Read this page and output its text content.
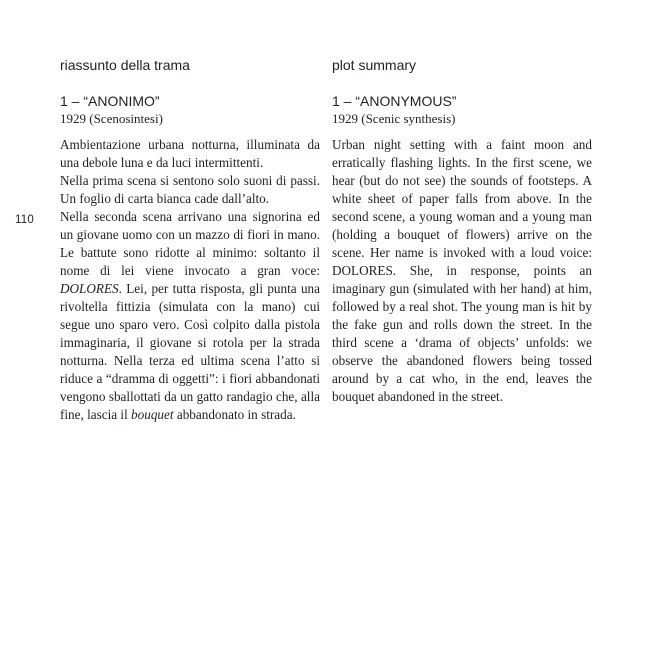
110
riassunto della trama
1 – “ANONIMO”
1929 (Scenosintesi)

Ambientazione urbana notturna, illuminata da una debole luna e da luci intermittenti.

Nella prima scena si sentono solo suoni di passi. Un foglio di carta bianca cade dall’alto.

Nella seconda scena arrivano una signorina ed un giovane uomo con un mazzo di fiori in mano. Le battute sono ridotte al minimo: soltanto il nome di lei viene invocato a gran voce: DOLORES. Lei, per tutta risposta, gli punta una rivoltella fittizia (simulata con la mano) cui segue uno sparo vero. Così colpito dalla pistola immaginaria, il giovane si rotola per la strada notturna. Nella terza ed ultima scena l’atto si riduce a “dramma di oggetti”: i fiori abbandonati vengono sballottati da un gatto randagio che, alla fine, lascia il bouquet abbandonato in strada.

plot summary
1 – “ANONYMOUS”
1929 (Scenic synthesis)

Urban night setting with a faint moon and erratically flashing lights. In the first scene, we hear (but do not see) the sounds of footsteps. A white sheet of paper falls from above. In the second scene, a young woman and a young man (holding a bouquet of flowers) arrive on the scene. Her name is invoked with a loud voice: DOLORES. She, in response, points an imaginary gun (simulated with her hand) at him, followed by a real shot. The young man is hit by the fake gun and rolls down the street. In the third scene a ‘drama of objects’ unfolds: we observe the abandoned flowers being tossed around by a cat who, in the end, leaves the bouquet abandoned in the street.
